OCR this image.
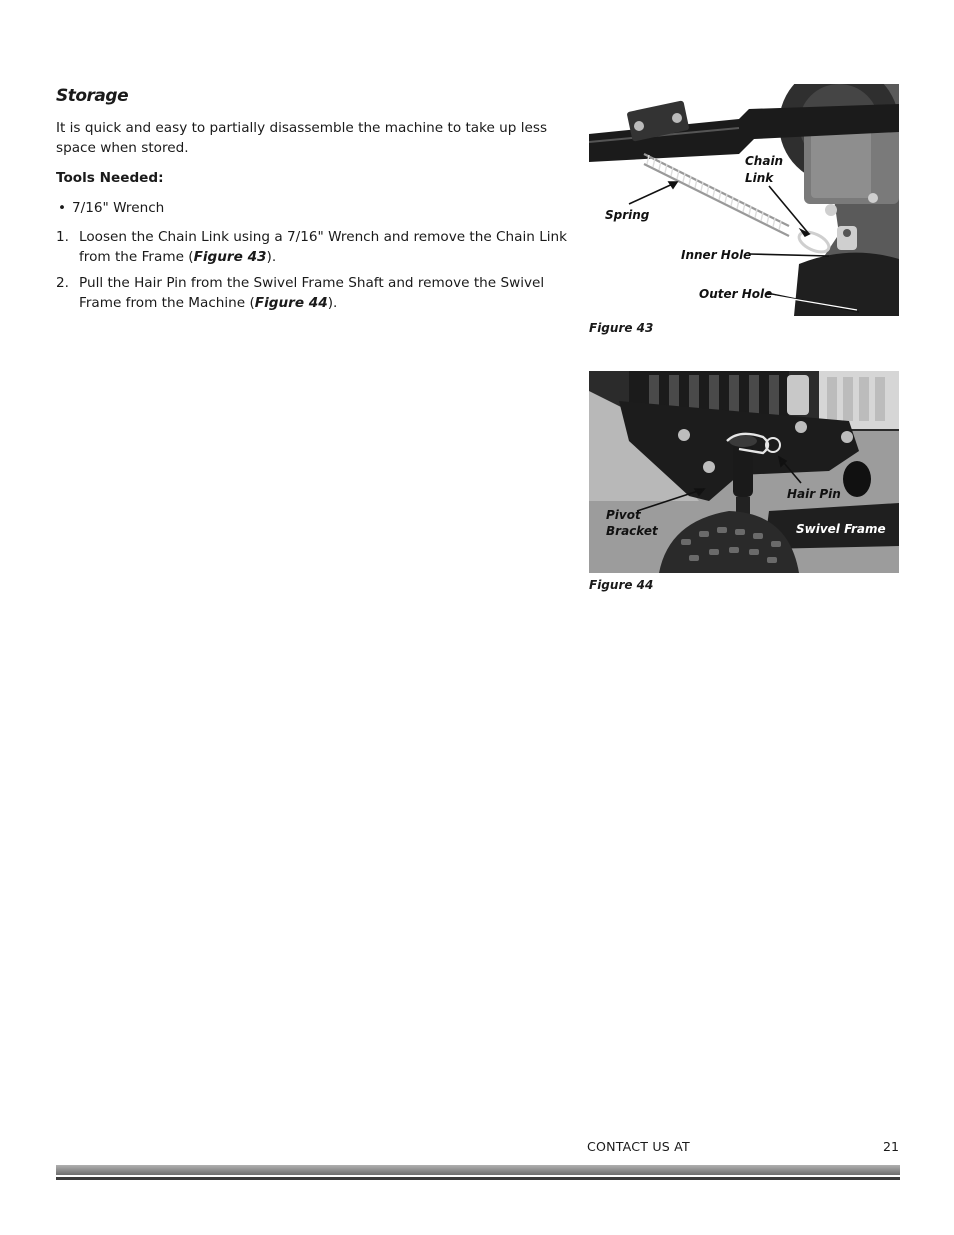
Storage

It is quick and easy to partially disassemble the machine to take up less space when stored.

Tools Needed:

• 7/16" Wrench
1. Loosen the Chain Link using a 7/16" Wrench and remove the Chain Link from the Frame (Figure 43).
2. Pull the Hair Pin from the Swivel Frame Shaft and remove the Swivel Frame from the Machine (Figure 44).
Chain
Link
Spring
Inner Hole
Outer Hole
Figure 43
Hair Pin
Pivot
Bracket	Swivel Frame
Figure 44
CONTACT US AT	21
